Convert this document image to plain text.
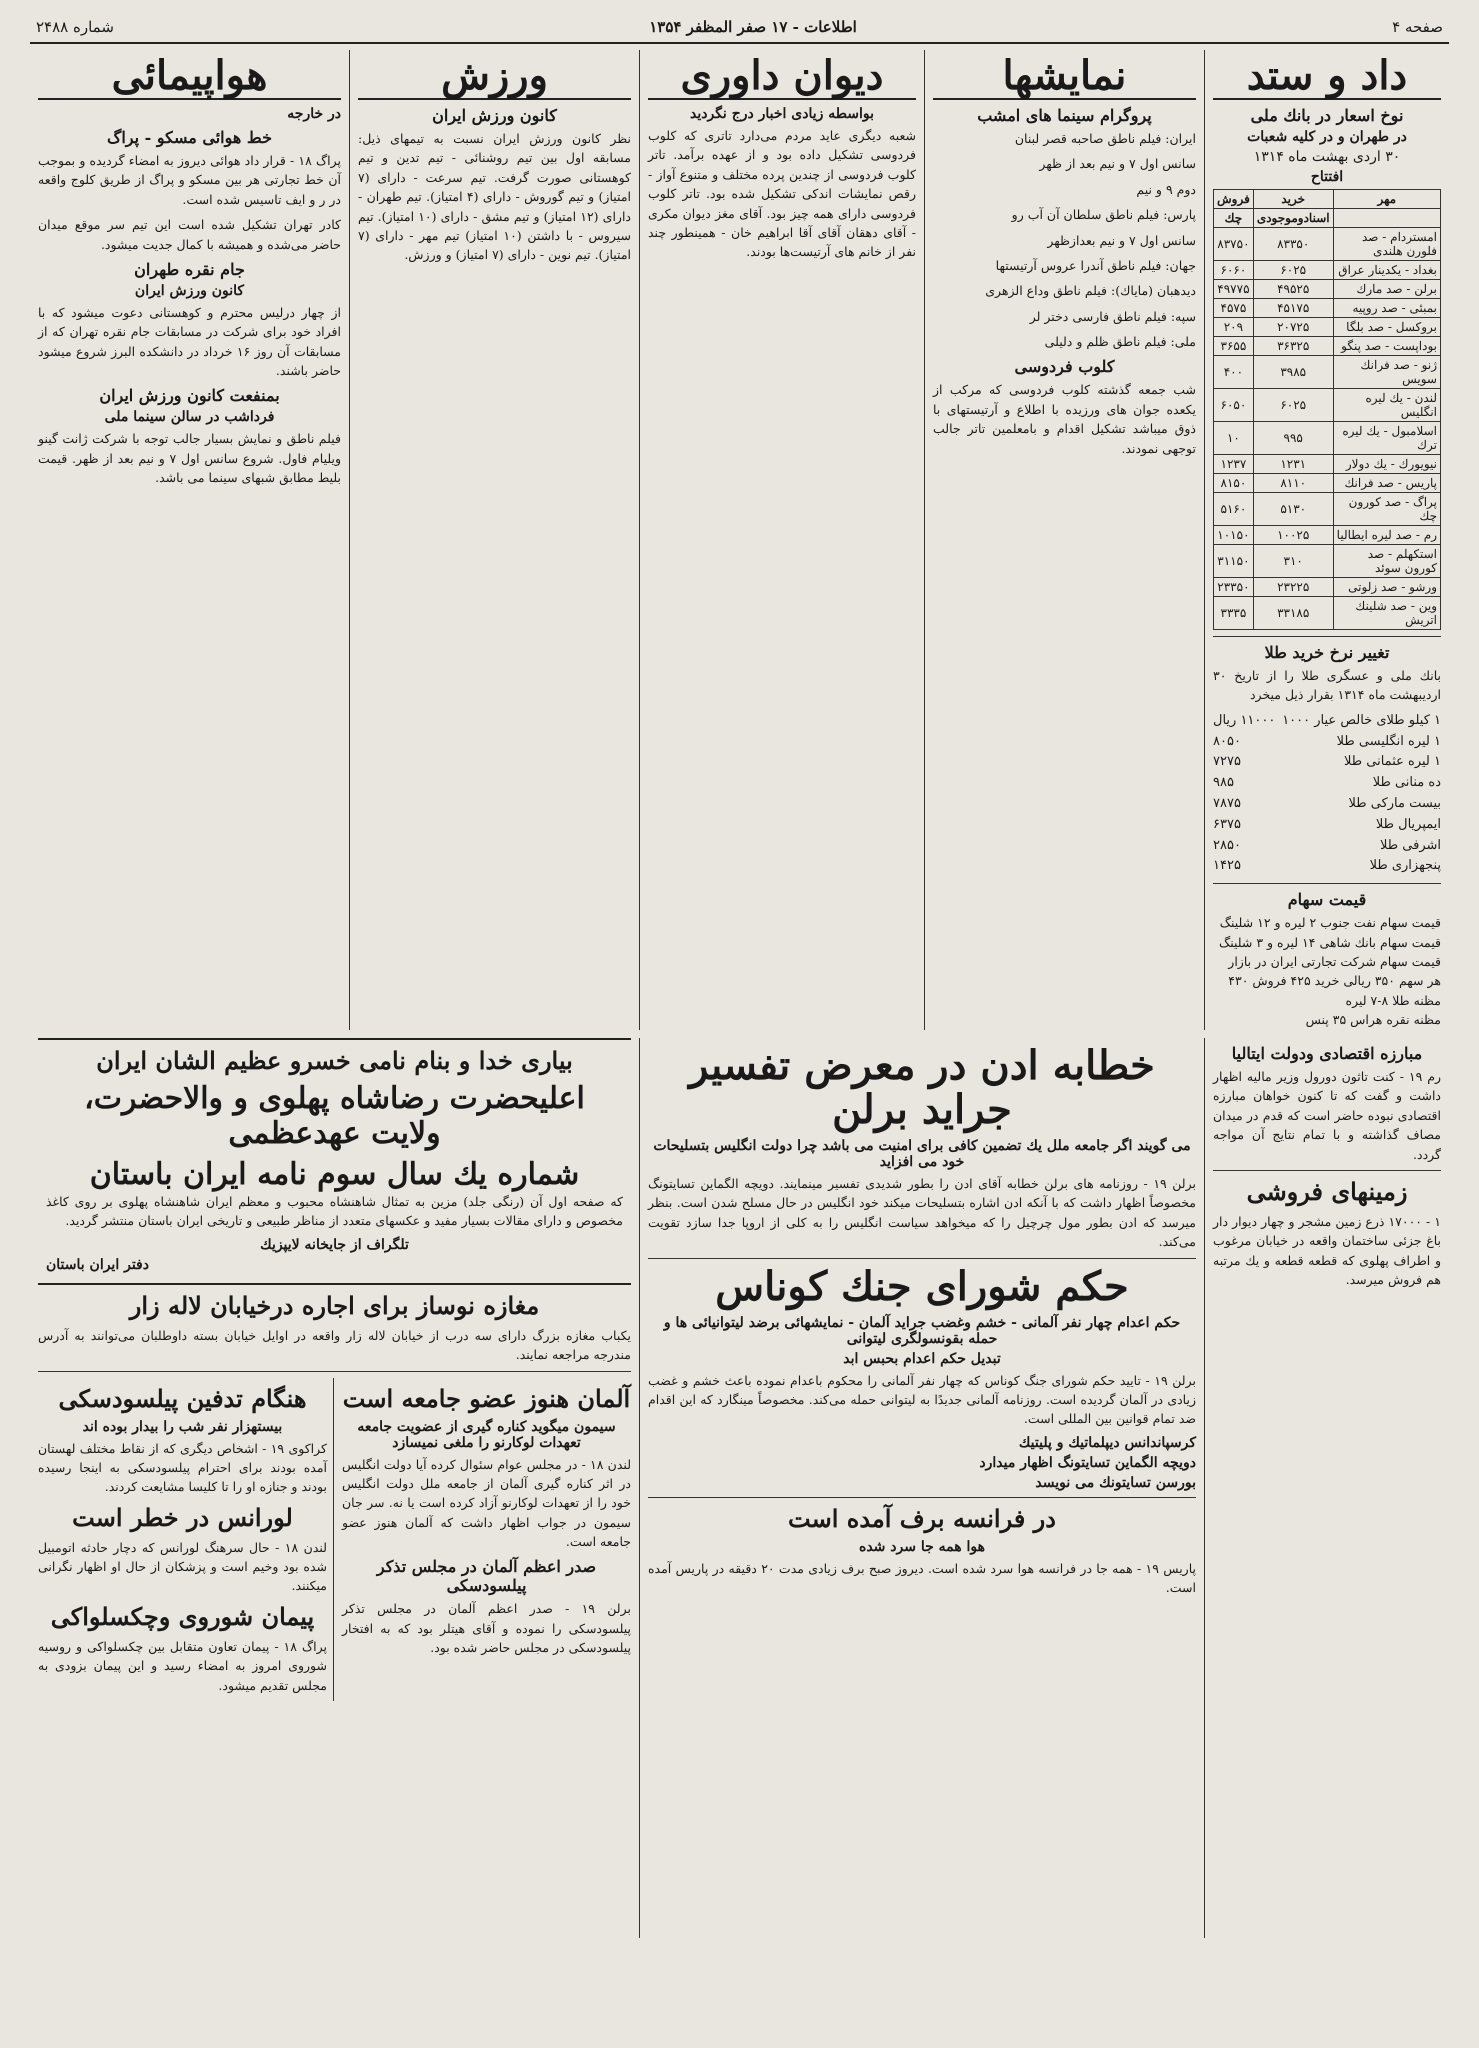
صفحه ۴
اطلاعات - ۱۷ صفر المظفر ۱۳۵۴
شماره ۲۴۸۸
داد و ستد
نوخ اسعار در بانك ملی
در طهران و در کلیه شعبات
۳۰ اردی بهشت ماه ۱۳۱۴
افتتاح
مهر	خرید	فروش
	اسنادوموجودی	چك
امستردام - صد فلورن هلندی	۸۳۳۵۰	۸۳۷۵۰
بغداد - یکدینار عراق	۶۰۲۵	۶۰۶۰
برلن - صد مارك	۴۹۵۲۵	۴۹۷۷۵
بمبئی - صد روپیه	۴۵۱۷۵	۴۵۷۵
بروکسل - صد بلگا	۲۰۷۲۵	۲۰۹
بوداپست - صد پنگو	۳۶۳۲۵	۳۶۵۵
ژنو - صد فرانك سویس	۳۹۸۵	۴۰۰
لندن - یك لیره انگلیس	۶۰۲۵	۶۰۵۰
اسلامبول - یك لیره ترك	۹۹۵	۱۰
نیویورك - یك دولار	۱۲۳۱	۱۲۳۷
پاریس - صد فرانك	۸۱۱۰	۸۱۵۰
پراگ - صد کورون چك	۵۱۳۰	۵۱۶۰
رم - صد لیره ایطالیا	۱۰۰۲۵	۱۰۱۵۰
استکهلم - صد کورون سوئد	۳۱۰	۳۱۱۵۰
ورشو - صد زلوتی	۲۳۲۲۵	۲۳۳۵۰
وین - صد شلینك اتریش	۳۳۱۸۵	۳۳۳۵
تغییر نرخ خرید طلا

بانك ملی و عسگری طلا را از تاریخ ۳۰ اردیبهشت ماه ۱۳۱۴ بقرار ذیل میخرد

۱ کیلو طلای خالص عیار ۱۰۰۰
۱۱۰۰۰ ریال
۱ لیره انگلیسی طلا
۸۰۵۰
۱ لیره عثمانی طلا
۷۲۷۵
ده منانی طلا
۹۸۵
بیست مارکی طلا
۷۸۷۵
ایمپریال طلا
۶۳۷۵
اشرفی طلا
۲۸۵۰
پنجهزاری طلا
۱۴۲۵
قیمت سهام
قیمت سهام نفت جنوب ۲ لیره و ۱۲ شلینگ
قیمت سهام بانك شاهی ۱۴ لیره و ۳ شلینگ
قیمت سهام شرکت تجارتی ایران در بازار
هر سهم ۳۵۰ ریالی خرید ۴۲۵ فروش ۴۳۰
مظنه طلا ۸-۷ لیره
مظنه نقره هراس ۳۵ پنس
نمایشها
پروگرام سینما های امشب

ایران: فیلم ناطق صاحبه قصر لبنان

سانس اول ۷ و نیم بعد از ظهر

دوم ۹ و نیم

پارس: فیلم ناطق سلطان آن آب رو

سانس اول ۷ و نیم بعدازظهر

جهان: فیلم ناطق آندرا عروس آرتیستها

دیدهبان (مایاك): فیلم ناطق وداع الزهری

سپه: فیلم ناطق فارسی دختر لر

ملی: فیلم ناطق ظلم و دلیلی

کلوب فردوسی

شب جمعه گذشته کلوب فردوسی که مرکب از یکعده جوان های ورزیده با اطلاع و آرتیستهای با ذوق میباشد تشکیل اقدام و بامعلمین تاتر جالب توجهی نمودند.

دیوان داوری
بواسطه زیادی اخبار درج نگردید

شعبه دیگری عاید مردم می‌دارد تاتری که کلوب فردوسی تشکیل داده بود و از عهده برآمد. تاتر کلوب فردوسی از چندین پرده مختلف و متنوع آواز - رقص نمایشات اندکی تشکیل شده بود. تاتر کلوب فردوسی دارای همه چیز بود. آقای مغز دیوان مکری - آقای دهقان آقای آقا ابراهیم خان - همینطور چند نفر از خانم های آرتیست‌ها بودند.

ورزش
کانون ورزش ایران

نظر کانون ورزش ایران نسبت به تیمهای ذیل: مسابقه اول بین تیم روشنائی - تیم تدین و تیم کوهستانی صورت گرفت. تیم سرعت - دارای (۷ امتیاز) و تیم گوروش - دارای (۴ امتیاز). تیم طهران - دارای (۱۲ امتیاز) و تیم مشق - دارای (۱۰ امتیاز). تیم سیروس - با داشتن (۱۰ امتیاز) تیم مهر - دارای (۷ امتیاز). تیم نوین - دارای (۷ امتیاز) و ورزش.

هواپیمائی
در خارجه
خط هوائی مسکو - پراگ

پراگ ۱۸ - قرار داد هوائی دیروز به امضاء گردیده و بموجب آن خط تجارتی هر بین مسکو و پراگ از طریق کلوج واقعه در ر و ایف تاسیس شده است.

کادر تهران تشکیل شده است این تیم سر موقع میدان حاضر می‌شده و همیشه با کمال جدیت میشود.

جام نقره طهران
کانون ورزش ایران

از چهار درلیس محترم و کوهستانی دعوت میشود که با افراد خود برای شرکت در مسابقات جام نقره تهران که از مسابقات آن روز ۱۶ خرداد در دانشکده البرز شروع میشود حاضر باشند.

بمنفعت کانون ورزش ایران
فرداشب در سالن سینما ملی

فیلم ناطق و نمایش بسیار جالب توجه با شرکت ژانت گینو ویلیام فاول. شروع سانس اول ۷ و نیم بعد از ظهر. قیمت بلیط مطابق شبهای سینما می باشد.

مبارزه اقتصادی ودولت ایتالیا

رم ۱۹ - کنت تاثون دورول وزیر مالیه اظهار داشت و گفت که تا کنون خواهان مبارزه اقتصادی نبوده حاضر است که قدم در میدان مصاف گذاشته و با تمام نتایج آن مواجه گردد.

زمینهای فروشی

۱ - ۱۷۰۰۰ ذرع زمین مشجر و چهار دیوار دار باغ جزئی ساختمان واقعه در خیابان مرغوب و اطراف پهلوی که قطعه قطعه و یك مرتبه هم فروش میرسد.

خطابه ادن در معرض تفسیر جراید برلن
می گویند اگر جامعه ملل یك تضمین كافی برای امنیت می باشد چرا دولت انگلیس بتسلیحات خود می افزاید

برلن ۱۹ - روزنامه های برلن خطابه آقای ادن را بطور شدیدی تفسیر مینمایند. دویچه الگماین تسایتونگ مخصوصاً اظهار داشت که با آنکه ادن اشاره بتسلیحات میکند خود انگلیس در حال مسلح شدن است. بنظر میرسد که ادن بطور مول چرچیل را که میخواهد سیاست انگلیس را به کلی از اروپا جدا سازد تقویت می‌کند.

حکم شورای جنك كوناس
حکم اعدام چهار نفر آلمانی - خشم وغضب جراید آلمان - نمایشهائی برضد لیتوانیائی ها و حمله بقونسولگری لیتوانی
تبدیل حکم اعدام بحبس ابد

برلن ۱۹ - تایید حکم شورای جنگ کوناس که چهار نفر آلمانی را محکوم باعدام نموده باعث خشم و غضب زیادی در آلمان گردیده است. روزنامه آلمانی جدیدًا به لیتوانی حمله می‌کند. مخصوصاً مینگارد که این اقدام ضد تمام قوانین بین المللی است.

کرسپاندانس دیپلماتیك و پلیتیك
دویچه الگماین تسایتونگ اظهار میدارد
بورسن تسایتونك می نویسد
در فرانسه برف آمده است
هوا همه جا سرد شده

پاریس ۱۹ - همه جا در فرانسه هوا سرد شده است. دیروز صبح برف زیادی مدت ۲۰ دقیقه در پاریس آمده است.

بیاری خدا و بنام نامی خسرو عظیم الشان ایران
اعلیحضرت رضاشاه پهلوی و والاحضرت، ولایت عهدعظمی
شماره یك سال سوم نامه ایران باستان

که صفحه اول آن (رنگی جلد) مزین به تمثال شاهنشاه محبوب و معظم ایران شاهنشاه پهلوی بر روی کاغذ مخصوص و دارای مقالات بسیار مفید و عکسهای متعدد از مناظر طبیعی و تاریخی ایران باستان منتشر گردید.

تلگراف از جایخانه لایپزیك
دفتر ایران باستان
مغازه نوساز برای اجاره درخیابان لاله زار

یکباب مغازه بزرگ دارای سه درب از خیابان لاله زار واقعه در اوایل خیابان بسته داوطلبان می‌توانند به آدرس مندرجه مراجعه نمایند.

آلمان هنوز عضو جامعه است
سیمون میگوید کناره گیری از عضویت جامعه تعهدات لوکارنو را ملغی نمیسازد

لندن ۱۸ - در مجلس عوام سئوال کرده آیا دولت انگلیس در اثر کناره گیری آلمان از جامعه ملل دولت انگلیس خود را از تعهدات لوکارنو آزاد کرده است یا نه. سر جان سیمون در جواب اظهار داشت که آلمان هنوز عضو جامعه است.

صدر اعظم آلمان در مجلس تذکر پیلسودسکی

برلن ۱۹ - صدر اعظم آلمان در مجلس تذکر پیلسودسکی را نموده و آقای هیتلر بود که به افتخار پیلسودسکی در مجلس حاضر شده بود.

هنگام تدفین پیلسودسکی
بیستهزار نفر شب را بیدار بوده اند

کراکوی ۱۹ - اشخاص دیگری که از نقاط مختلف لهستان آمده بودند برای احترام پیلسودسکی به اینجا رسیده بودند و جنازه او را تا کلیسا مشایعت کردند.

لورانس در خطر است

لندن ۱۸ - حال سرهنگ لورانس که دچار حادثه اتومبیل شده بود وخیم است و پزشکان از حال او اظهار نگرانی میکنند.

پیمان شوروی وچکسلواکی

پراگ ۱۸ - پیمان تعاون متقابل بین چکسلواکی و روسیه شوروی امروز به امضاء رسید و این پیمان بزودی به مجلس تقدیم میشود.
